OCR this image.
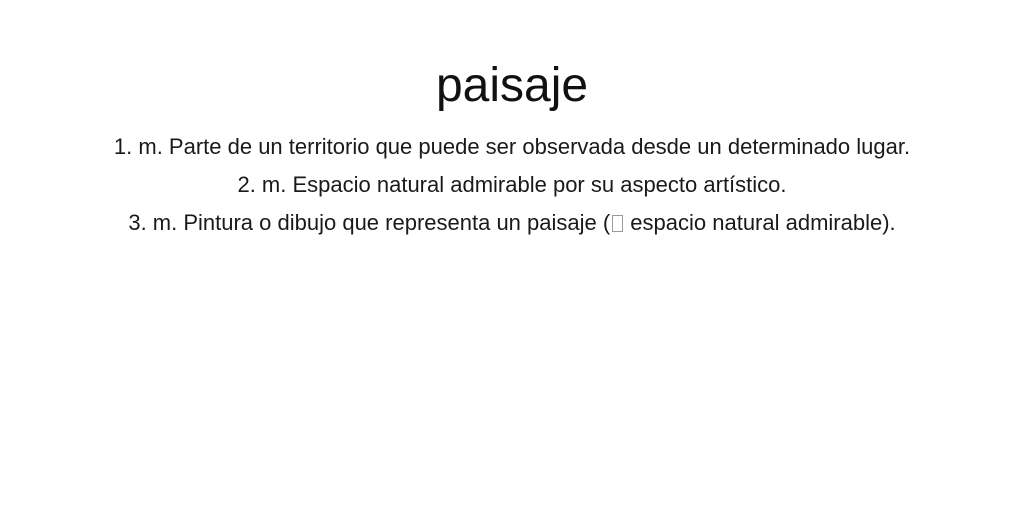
paisaje
1. m. Parte de un territorio que puede ser observada desde un determinado lugar.
2. m. Espacio natural admirable por su aspecto artístico.
3. m. Pintura o dibujo que representa un paisaje ( espacio natural admirable).
